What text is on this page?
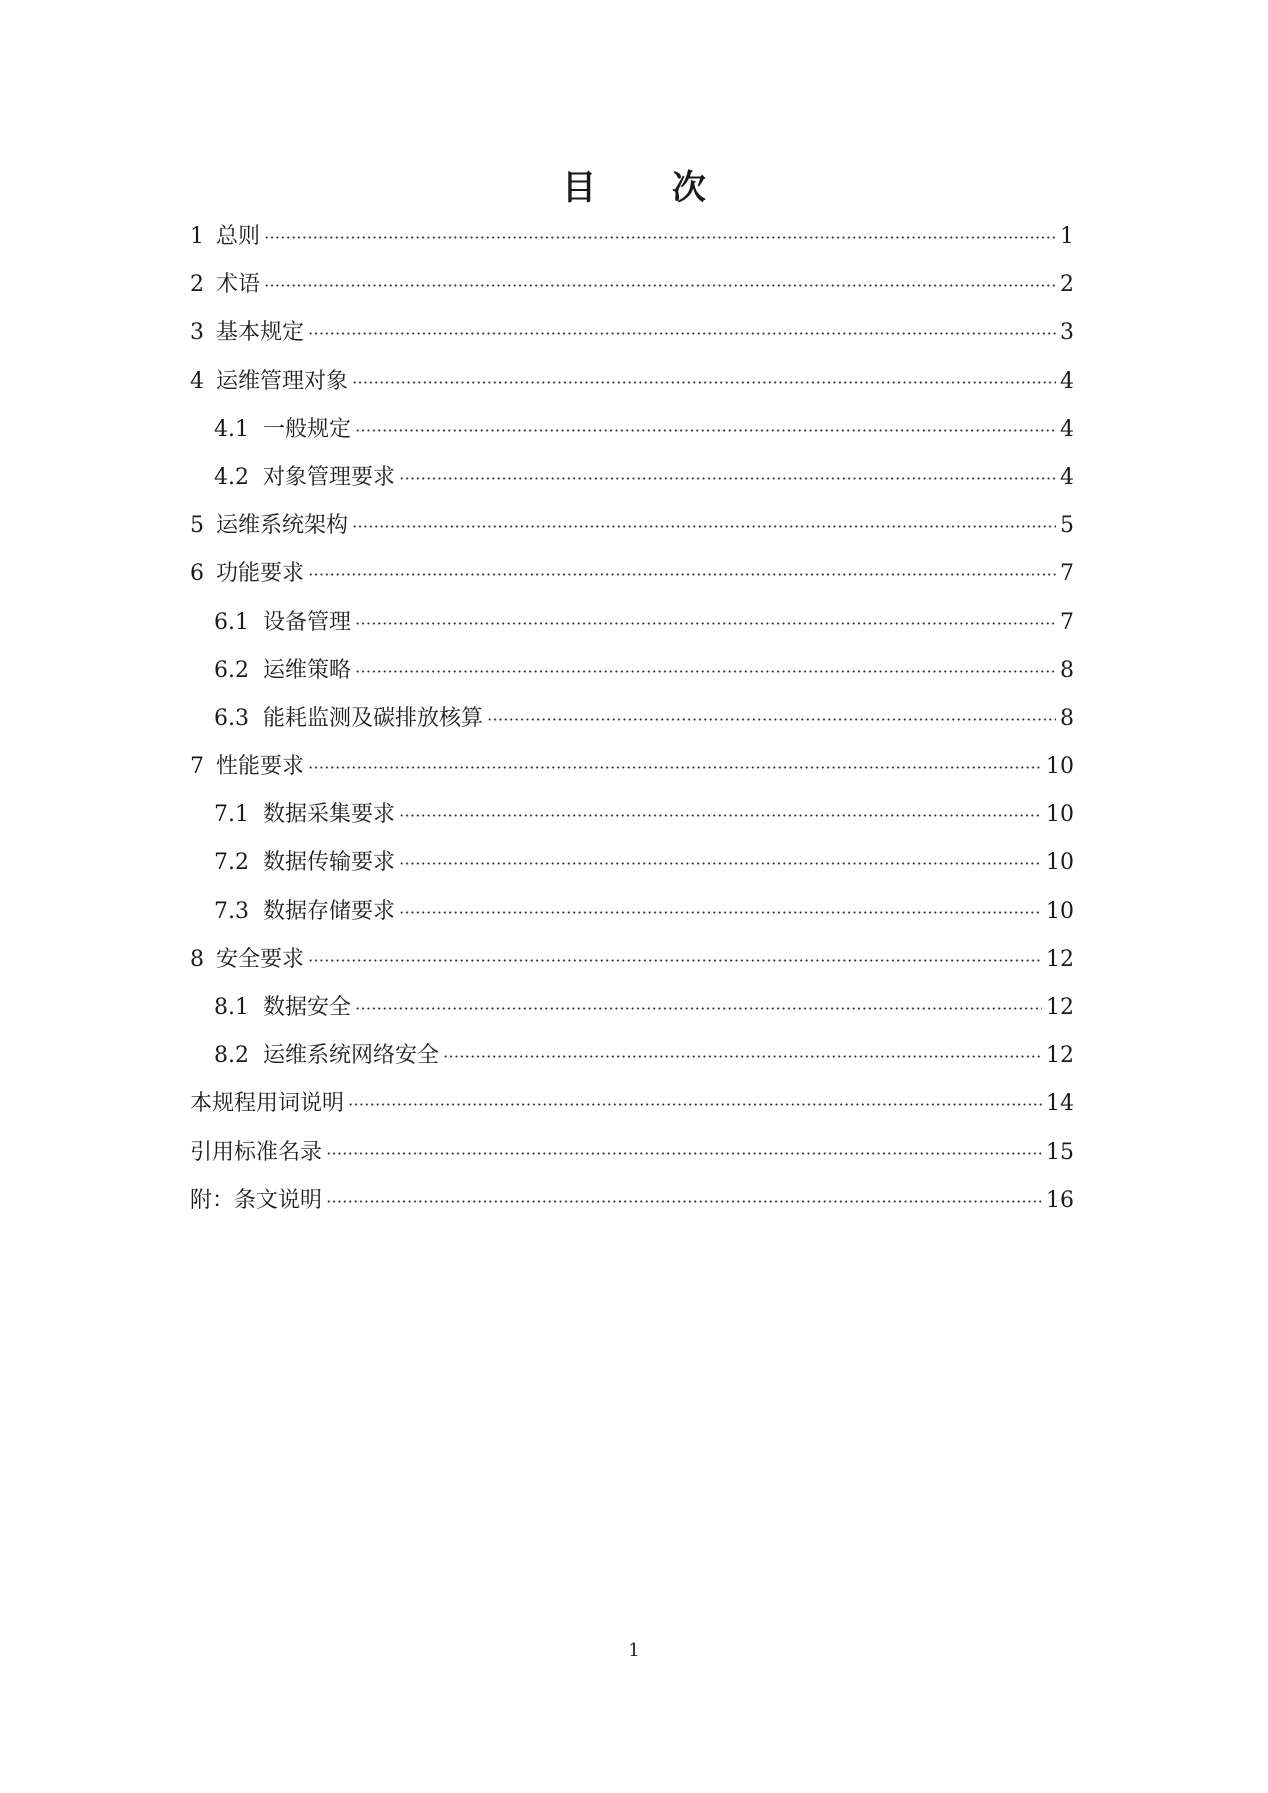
目 次
1 总则	1
2 术语	2
3 基本规定	3
4 运维管理对象	4
4.1 一般规定	4
4.2 对象管理要求	4
5 运维系统架构	5
6 功能要求	7
6.1 设备管理	7
6.2 运维策略	8
6.3 能耗监测及碳排放核算	8
7 性能要求	10
7.1 数据采集要求	10
7.2 数据传输要求	10
7.3 数据存储要求	10
8 安全要求	12
8.1 数据安全	12
8.2 运维系统网络安全	12
本规程用词说明	14
引用标准名录	15
附：条文说明	16
1
